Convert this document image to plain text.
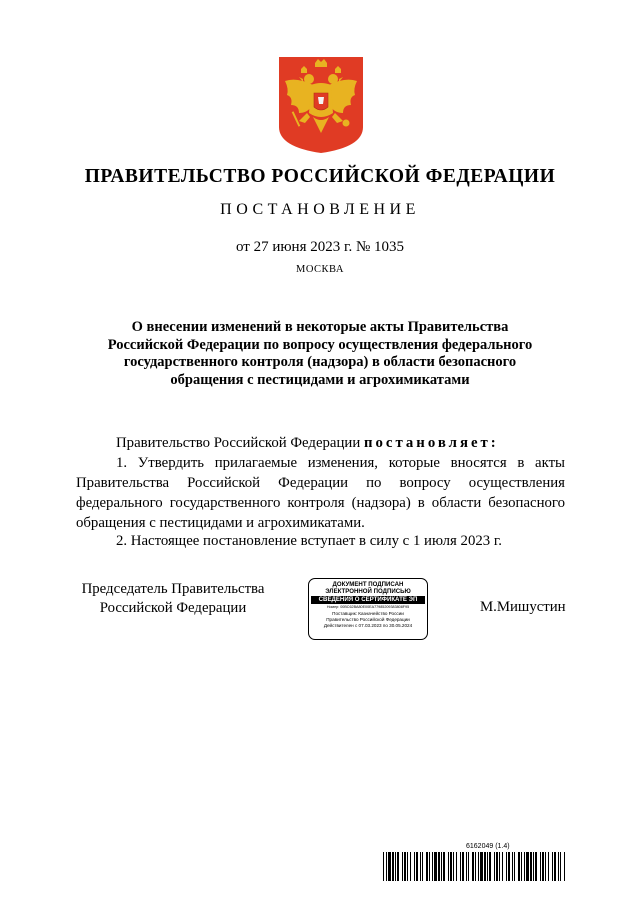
ПРАВИТЕЛЬСТВО РОССИЙСКОЙ ФЕДЕРАЦИИ
ПОСТАНОВЛЕНИЕ
от 27 июня 2023 г. № 1035
МОСКВА
О внесении изменений в некоторые акты Правительства
Российской Федерации по вопросу осуществления федерального
государственного контроля (надзора) в области безопасного
обращения с пестицидами и агрохимикатами
Правительство Российской Федерации постановляет:
1. Утвердить прилагаемые изменения, которые вносятся в акты Правительства Российской Федерации по вопросу осуществления федерального государственного контроля (надзора) в области безопасного обращения с пестицидами и агрохимикатами.
2. Настоящее постановление вступает в силу с 1 июля 2023 г.
Председатель Правительства
Российской Федерации
ДОКУМЕНТ ПОДПИСАН
ЭЛЕКТРОННОЙ ПОДПИСЬЮ
СВЕДЕНИЯ О СЕРТИФИКАТЕ ЭП
Номер: 00BC62BA80E00EA77985209383808F95
Поставщик: Казначейство России
Правительство Российской Федерации
Действителен с 07.03.2023 по 30.05.2024
М.Мишустин
6162049 (1.4)
